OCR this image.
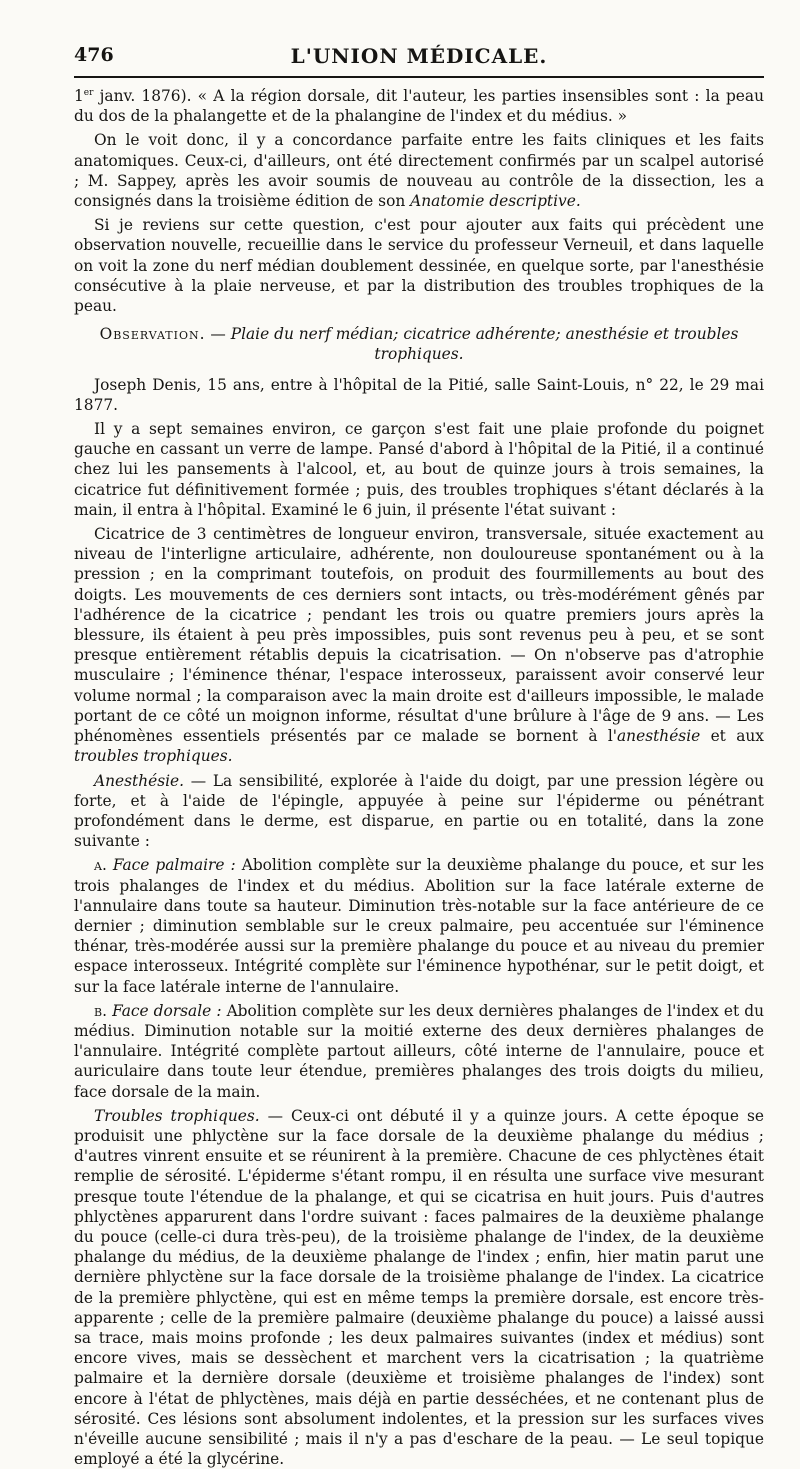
476	L'UNION MÉDICALE.

1er janv. 1876). « A la région dorsale, dit l'auteur, les parties insensibles sont : la peau du dos de la phalangette et de la phalangine de l'index et du médius. »

On le voit donc, il y a concordance parfaite entre les faits cliniques et les faits anatomiques. Ceux-ci, d'ailleurs, ont été directement confirmés par un scalpel autorisé ; M. Sappey, après les avoir soumis de nouveau au contrôle de la dissection, les a consignés dans la troisième édition de son Anatomie descriptive.

Si je reviens sur cette question, c'est pour ajouter aux faits qui précèdent une observation nouvelle, recueillie dans le service du professeur Verneuil, et dans laquelle on voit la zone du nerf médian doublement dessinée, en quelque sorte, par l'anesthésie consécutive à la plaie nerveuse, et par la distribution des troubles trophiques de la peau.

Observation. — Plaie du nerf médian; cicatrice adhérente; anesthésie et troubles trophiques.

Joseph Denis, 15 ans, entre à l'hôpital de la Pitié, salle Saint-Louis, n° 22, le 29 mai 1877.

Il y a sept semaines environ, ce garçon s'est fait une plaie profonde du poignet gauche en cassant un verre de lampe. Pansé d'abord à l'hôpital de la Pitié, il a continué chez lui les pansements à l'alcool, et, au bout de quinze jours à trois semaines, la cicatrice fut définitivement formée ; puis, des troubles trophiques s'étant déclarés à la main, il entra à l'hôpital. Examiné le 6 juin, il présente l'état suivant :

Cicatrice de 3 centimètres de longueur environ, transversale, située exactement au niveau de l'interligne articulaire, adhérente, non douloureuse spontanément ou à la pression ; en la comprimant toutefois, on produit des fourmillements au bout des doigts. Les mouvements de ces derniers sont intacts, ou très-modérément gênés par l'adhérence de la cicatrice ; pendant les trois ou quatre premiers jours après la blessure, ils étaient à peu près impossibles, puis sont revenus peu à peu, et se sont presque entièrement rétablis depuis la cicatrisation. — On n'observe pas d'atrophie musculaire ; l'éminence thénar, l'espace interosseux, paraissent avoir conservé leur volume normal ; la comparaison avec la main droite est d'ailleurs impossible, le malade portant de ce côté un moignon informe, résultat d'une brûlure à l'âge de 9 ans. — Les phénomènes essentiels présentés par ce malade se bornent à l'anesthésie et aux troubles trophiques.

Anesthésie. — La sensibilité, explorée à l'aide du doigt, par une pression légère ou forte, et à l'aide de l'épingle, appuyée à peine sur l'épiderme ou pénétrant profondément dans le derme, est disparue, en partie ou en totalité, dans la zone suivante :

a. Face palmaire : Abolition complète sur la deuxième phalange du pouce, et sur les trois phalanges de l'index et du médius. Abolition sur la face latérale externe de l'annulaire dans toute sa hauteur. Diminution très-notable sur la face antérieure de ce dernier ; diminution semblable sur le creux palmaire, peu accentuée sur l'éminence thénar, très-modérée aussi sur la première phalange du pouce et au niveau du premier espace interosseux. Intégrité complète sur l'éminence hypothénar, sur le petit doigt, et sur la face latérale interne de l'annulaire.

b. Face dorsale : Abolition complète sur les deux dernières phalanges de l'index et du médius. Diminution notable sur la moitié externe des deux dernières phalanges de l'annulaire. Intégrité complète partout ailleurs, côté interne de l'annulaire, pouce et auriculaire dans toute leur étendue, premières phalanges des trois doigts du milieu, face dorsale de la main.

Troubles trophiques. — Ceux-ci ont débuté il y a quinze jours. A cette époque se produisit une phlyctène sur la face dorsale de la deuxième phalange du médius ; d'autres vinrent ensuite et se réunirent à la première. Chacune de ces phlyctènes était remplie de sérosité. L'épiderme s'étant rompu, il en résulta une surface vive mesurant presque toute l'étendue de la phalange, et qui se cicatrisa en huit jours. Puis d'autres phlyctènes apparurent dans l'ordre suivant : faces palmaires de la deuxième phalange du pouce (celle-ci dura très-peu), de la troisième phalange de l'index, de la deuxième phalange du médius, de la deuxième phalange de l'index ; enfin, hier matin parut une dernière phlyctène sur la face dorsale de la troisième phalange de l'index. La cicatrice de la première phlyctène, qui est en même temps la première dorsale, est encore très-apparente ; celle de la première palmaire (deuxième phalange du pouce) a laissé aussi sa trace, mais moins profonde ; les deux palmaires suivantes (index et médius) sont encore vives, mais se dessèchent et marchent vers la cicatrisation ; la quatrième palmaire et la dernière dorsale (deuxième et troisième phalanges de l'index) sont encore à l'état de phlyctènes, mais déjà en partie desséchées, et ne contenant plus de sérosité. Ces lésions sont absolument indolentes, et la pression sur les surfaces vives n'éveille aucune sensibilité ; mais il n'y a pas d'eschare de la peau. — Le seul topique employé a été la glycérine.
